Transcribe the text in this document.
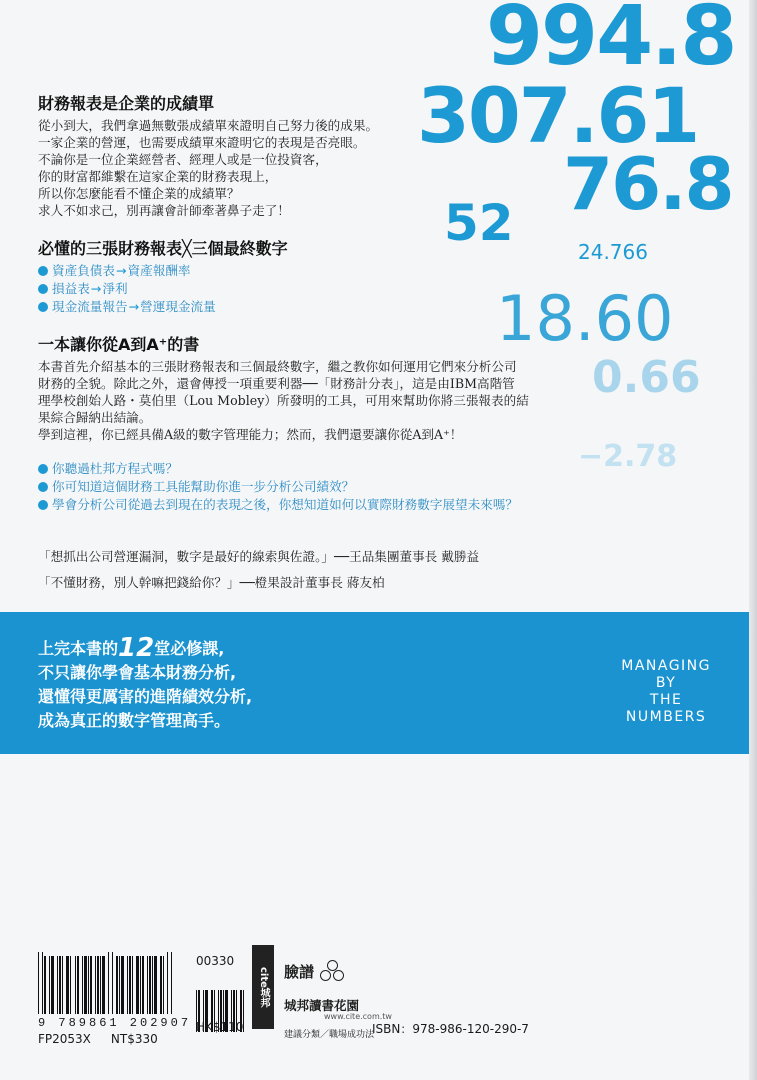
994.8
307.61
76.8
52	24.766
18.60
0.66
−2.78
財務報表是企業的成績單

從小到大，我們拿過無數張成績單來證明自己努力後的成果。

一家企業的營運，也需要成績單來證明它的表現是否亮眼。

不論你是一位企業經營者、經理人或是一位投資客，

你的財富都維繫在這家企業的財務表現上，

所以你怎麼能看不懂企業的成績單？

求人不如求己，別再讓會計師牽著鼻子走了！

必懂的三張財務報表╳三個最終數字
資產負債表 → 資產報酬率
損益表 → 淨利
現金流量報告 → 營運現金流量
一本讓你從A到A⁺的書

本書首先介紹基本的三張財務報表和三個最終數字，繼之教你如何運用它們來分析公司

財務的全貌。除此之外，還會傳授一項重要利器──「財務計分表」，這是由IBM高階管

理學校創始人路・莫伯里（Lou Mobley）所發明的工具，可用來幫助你將三張報表的結

果綜合歸納出結論。

學到這裡，你已經具備A級的數字管理能力；然而，我們還要讓你從A到A⁺！

你聽過杜邦方程式嗎？
你可知道這個財務工具能幫助你進一步分析公司績效？
學會分析公司從過去到現在的表現之後，你想知道如何以實際財務數字展望未來嗎？
「想抓出公司營運漏洞，數字是最好的線索與佐證。」──王品集團董事長 戴勝益
「不懂財務，別人幹嘛把錢給你？」──橙果設計董事長 蔣友柏
上完本書的12堂必修課,
不只讓你學會基本財務分析,
還懂得更厲害的進階績效分析,
成為真正的數字管理高手。
MANAGING
BY
THE
NUMBERS
9 789861 202907
FP2053X NT$330
00330
HK$110
cite城邦	臉譜
城邦讀書花園
www.cite.com.tw
建議分類／職場成功法
ISBN：978-986-120-290-7
